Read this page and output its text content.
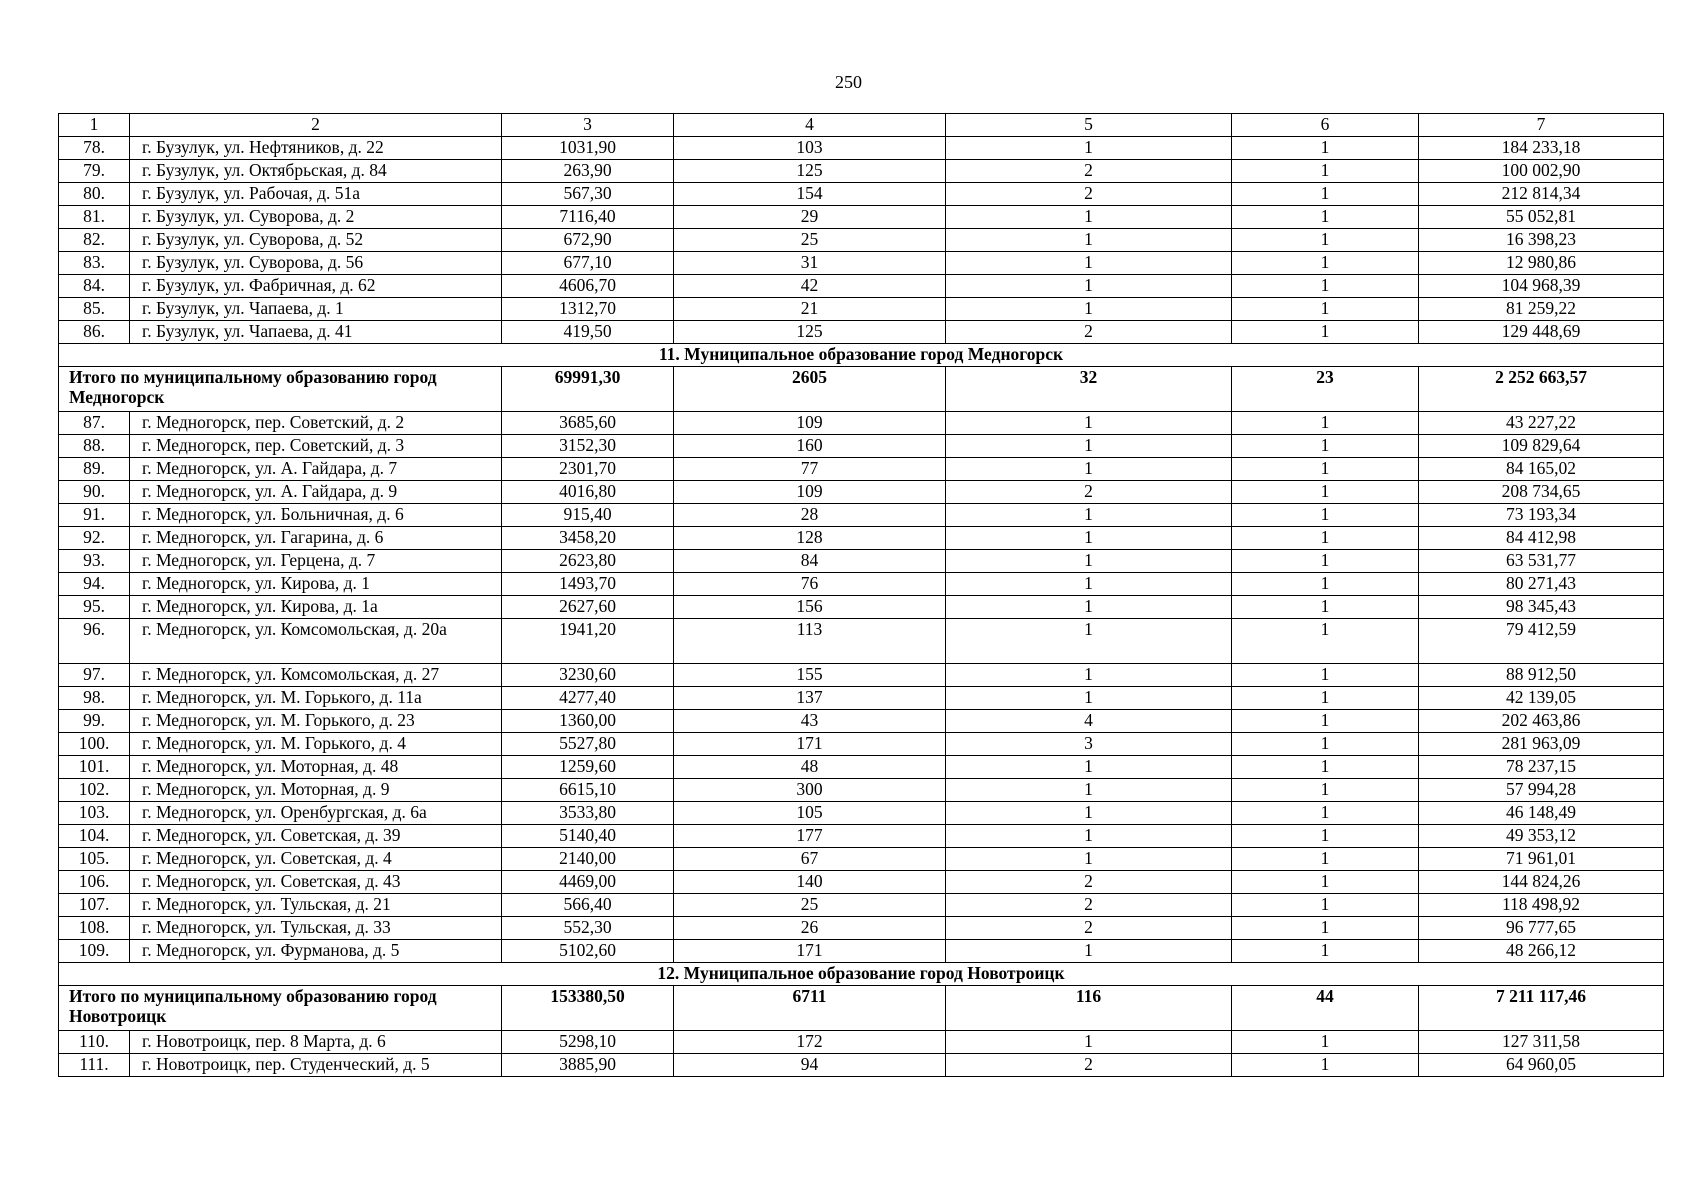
250
1	2	3	4	5	6	7
78.	г. Бузулук, ул. Нефтяников, д. 22	1031,90	103	1	1	184 233,18
79.	г. Бузулук, ул. Октябрьская, д. 84	263,90	125	2	1	100 002,90
80.	г. Бузулук, ул. Рабочая, д. 51а	567,30	154	2	1	212 814,34
81.	г. Бузулук, ул. Суворова, д. 2	7116,40	29	1	1	55 052,81
82.	г. Бузулук, ул. Суворова, д. 52	672,90	25	1	1	16 398,23
83.	г. Бузулук, ул. Суворова, д. 56	677,10	31	1	1	12 980,86
84.	г. Бузулук, ул. Фабричная, д. 62	4606,70	42	1	1	104 968,39
85.	г. Бузулук, ул. Чапаева, д. 1	1312,70	21	1	1	81 259,22
86.	г. Бузулук, ул. Чапаева, д. 41	419,50	125	2	1	129 448,69
11. Муниципальное образование город Медногорск						
Итого по муниципальному образованию город Медногорск		69991,30	2605	32	23	2 252 663,57
87.	г. Медногорск, пер. Советский, д. 2	3685,60	109	1	1	43 227,22
88.	г. Медногорск, пер. Советский, д. 3	3152,30	160	1	1	109 829,64
89.	г. Медногорск, ул. А. Гайдара, д. 7	2301,70	77	1	1	84 165,02
90.	г. Медногорск, ул. А. Гайдара, д. 9	4016,80	109	2	1	208 734,65
91.	г. Медногорск, ул. Больничная, д. 6	915,40	28	1	1	73 193,34
92.	г. Медногорск, ул. Гагарина, д. 6	3458,20	128	1	1	84 412,98
93.	г. Медногорск, ул. Герцена, д. 7	2623,80	84	1	1	63 531,77
94.	г. Медногорск, ул. Кирова, д. 1	1493,70	76	1	1	80 271,43
95.	г. Медногорск, ул. Кирова, д. 1а	2627,60	156	1	1	98 345,43
96.	г. Медногорск, ул. Комсомольская, д. 20а	1941,20	113	1	1	79 412,59
97.	г. Медногорск, ул. Комсомольская, д. 27	3230,60	155	1	1	88 912,50
98.	г. Медногорск, ул. М. Горького, д. 11а	4277,40	137	1	1	42 139,05
99.	г. Медногорск, ул. М. Горького, д. 23	1360,00	43	4	1	202 463,86
100.	г. Медногорск, ул. М. Горького, д. 4	5527,80	171	3	1	281 963,09
101.	г. Медногорск, ул. Моторная, д. 48	1259,60	48	1	1	78 237,15
102.	г. Медногорск, ул. Моторная, д. 9	6615,10	300	1	1	57 994,28
103.	г. Медногорск, ул. Оренбургская, д. 6а	3533,80	105	1	1	46 148,49
104.	г. Медногорск, ул. Советская, д. 39	5140,40	177	1	1	49 353,12
105.	г. Медногорск, ул. Советская, д. 4	2140,00	67	1	1	71 961,01
106.	г. Медногорск, ул. Советская, д. 43	4469,00	140	2	1	144 824,26
107.	г. Медногорск, ул. Тульская, д. 21	566,40	25	2	1	118 498,92
108.	г. Медногорск, ул. Тульская, д. 33	552,30	26	2	1	96 777,65
109.	г. Медногорск, ул. Фурманова, д. 5	5102,60	171	1	1	48 266,12
12. Муниципальное образование город Новотроицк						
Итого по муниципальному образованию город Новотроицк		153380,50	6711	116	44	7 211 117,46
110.	г. Новотроицк, пер. 8 Марта, д. 6	5298,10	172	1	1	127 311,58
111.	г. Новотроицк, пер. Студенческий, д. 5	3885,90	94	2	1	64 960,05
